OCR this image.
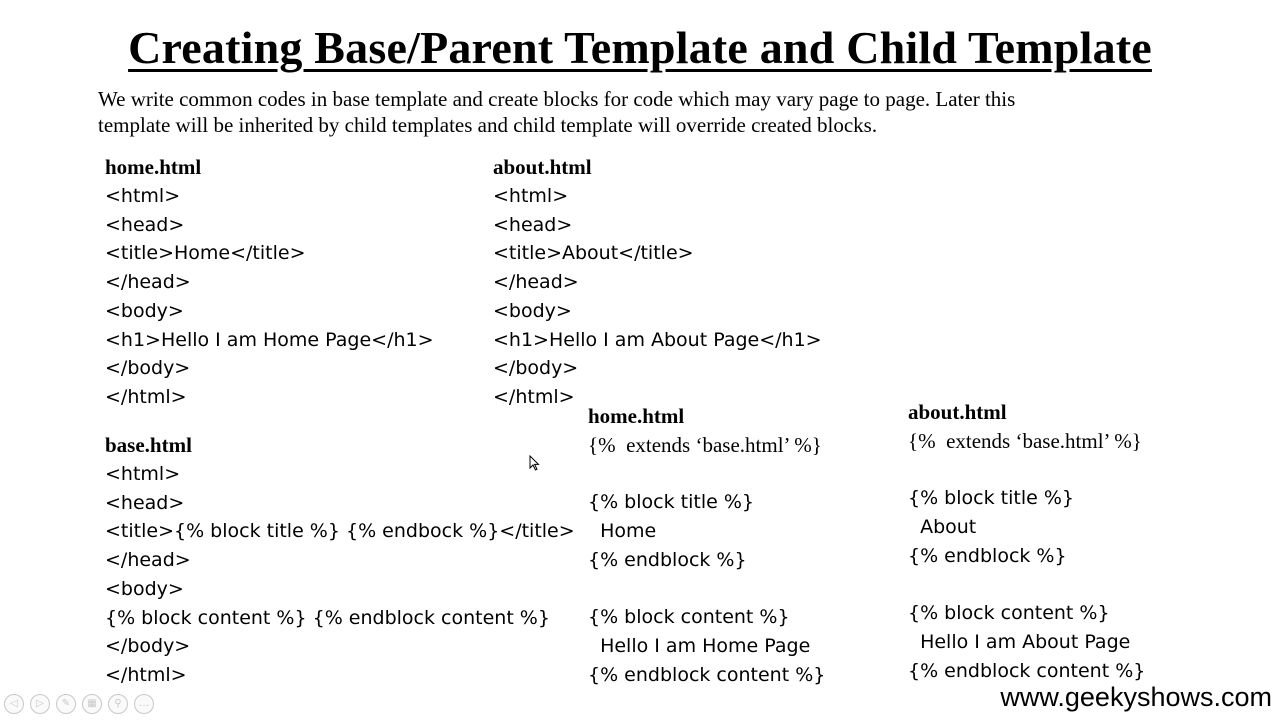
Creating Base/Parent Template and Child Template
We write common codes in base template and create blocks for code which may vary page to page. Later this
template will be inherited by child templates and child template will override created blocks.
home.html
<html>
<head>
<title>Home</title>
</head>
<body>
<h1>Hello I am Home Page</h1>
</body>
</html>
about.html
<html>
<head>
<title>About</title>
</head>
<body>
<h1>Hello I am About Page</h1>
</body>
</html>
base.html
<html>
<head>
<title>{% block title %} {% endbock %}</title>
</head>
<body>
{% block content %} {% endblock content %}
</body>
</html>
home.html
{%  extends ‘base.html’ %}
{% block title %}
Home
{% endblock %}
{% block content %}
Hello I am Home Page
{% endblock content %}
about.html
{%  extends ‘base.html’ %}
{% block title %}
About
{% endblock %}
{% block content %}
Hello I am About Page
{% endblock content %}
www.geekyshows.com
◁	▷	✎	▦	⚲	…
